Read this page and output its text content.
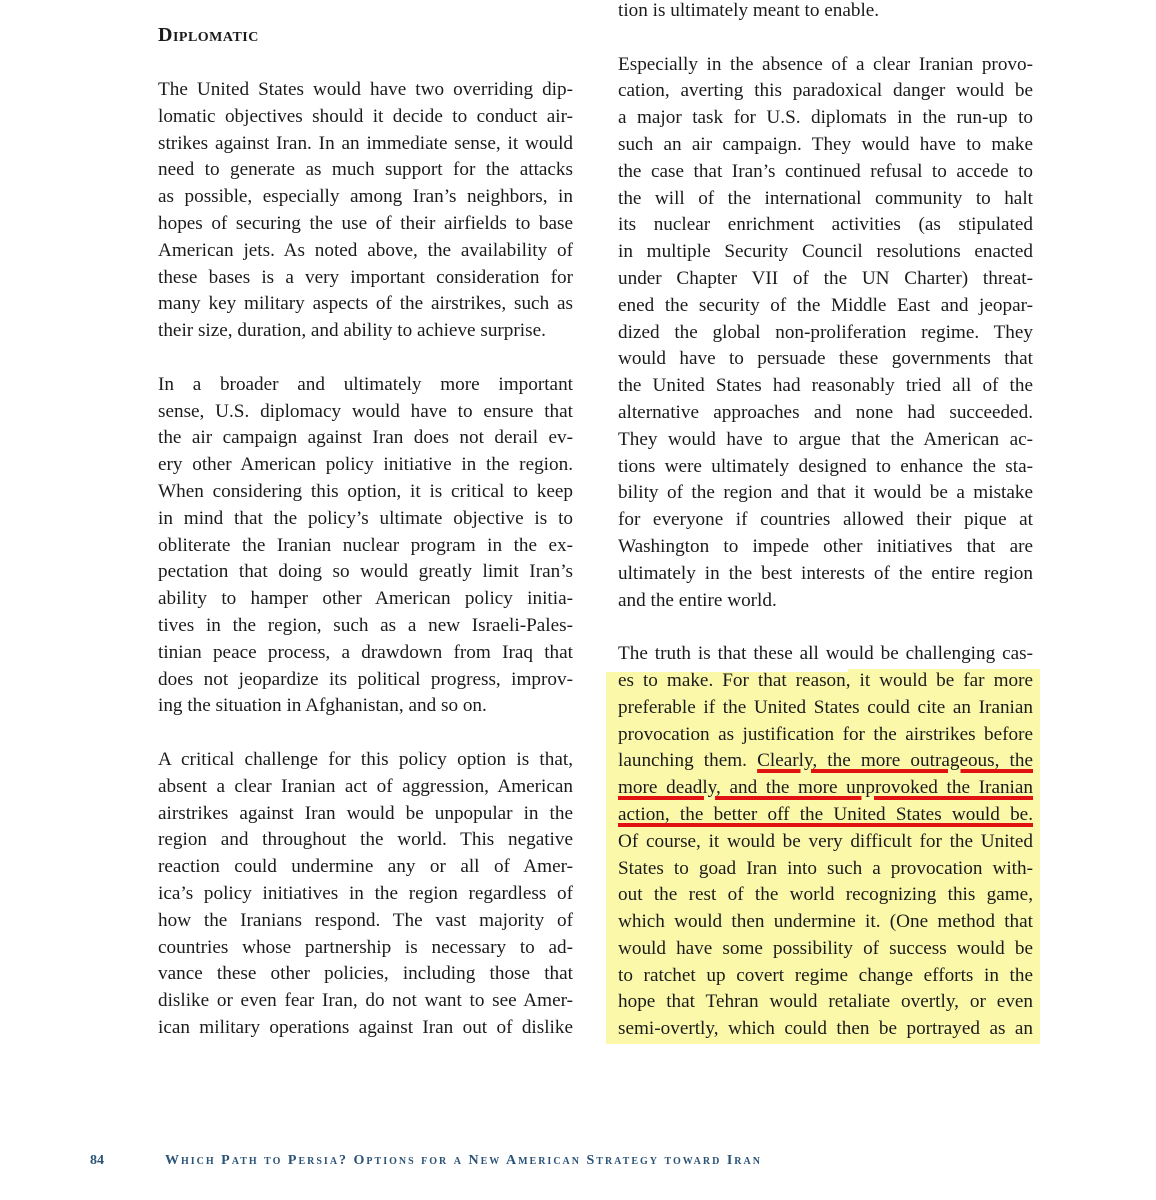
Diplomatic
The United States would have two overriding dip-
lomatic objectives should it decide to conduct air-
strikes against Iran. In an immediate sense, it would
need to generate as much support for the attacks
as possible, especially among Iran’s neighbors, in
hopes of securing the use of their airfields to base
American jets. As noted above, the availability of
these bases is a very important consideration for
many key military aspects of the airstrikes, such as
their size, duration, and ability to achieve surprise.
In a broader and ultimately more important
sense, U.S. diplomacy would have to ensure that
the air campaign against Iran does not derail ev-
ery other American policy initiative in the region.
When considering this option, it is critical to keep
in mind that the policy’s ultimate objective is to
obliterate the Iranian nuclear program in the ex-
pectation that doing so would greatly limit Iran’s
ability to hamper other American policy initia-
tives in the region, such as a new Israeli-Pales-
tinian peace process, a drawdown from Iraq that
does not jeopardize its political progress, improv-
ing the situation in Afghanistan, and so on.
A critical challenge for this policy option is that,
absent a clear Iranian act of aggression, American
airstrikes against Iran would be unpopular in the
region and throughout the world. This negative
reaction could undermine any or all of Amer-
ica’s policy initiatives in the region regardless of
how the Iranians respond. The vast majority of
countries whose partnership is necessary to ad-
vance these other policies, including those that
dislike or even fear Iran, do not want to see Amer-
ican military operations against Iran out of dislike
tion is ultimately meant to enable.
Especially in the absence of a clear Iranian provo-
cation, averting this paradoxical danger would be
a major task for U.S. diplomats in the run-up to
such an air campaign. They would have to make
the case that Iran’s continued refusal to accede to
the will of the international community to halt
its nuclear enrichment activities (as stipulated
in multiple Security Council resolutions enacted
under Chapter VII of the UN Charter) threat-
ened the security of the Middle East and jeopar-
dized the global non-proliferation regime. They
would have to persuade these governments that
the United States had reasonably tried all of the
alternative approaches and none had succeeded.
They would have to argue that the American ac-
tions were ultimately designed to enhance the sta-
bility of the region and that it would be a mistake
for everyone if countries allowed their pique at
Washington to impede other initiatives that are
ultimately in the best interests of the entire region
and the entire world.
The truth is that these all would be challenging cas-
es to make. For that reason, it would be far more
preferable if the United States could cite an Iranian
provocation as justification for the airstrikes before
launching them. Clearly, the more outrageous, the
more deadly, and the more unprovoked the Iranian
action, the better off the United States would be.
Of course, it would be very difficult for the United
States to goad Iran into such a provocation with-
out the rest of the world recognizing this game,
which would then undermine it. (One method that
would have some possibility of success would be
to ratchet up covert regime change efforts in the
hope that Tehran would retaliate overtly, or even
semi-overtly, which could then be portrayed as an
84	Which Path to Persia? Options for a New American Strategy toward Iran
